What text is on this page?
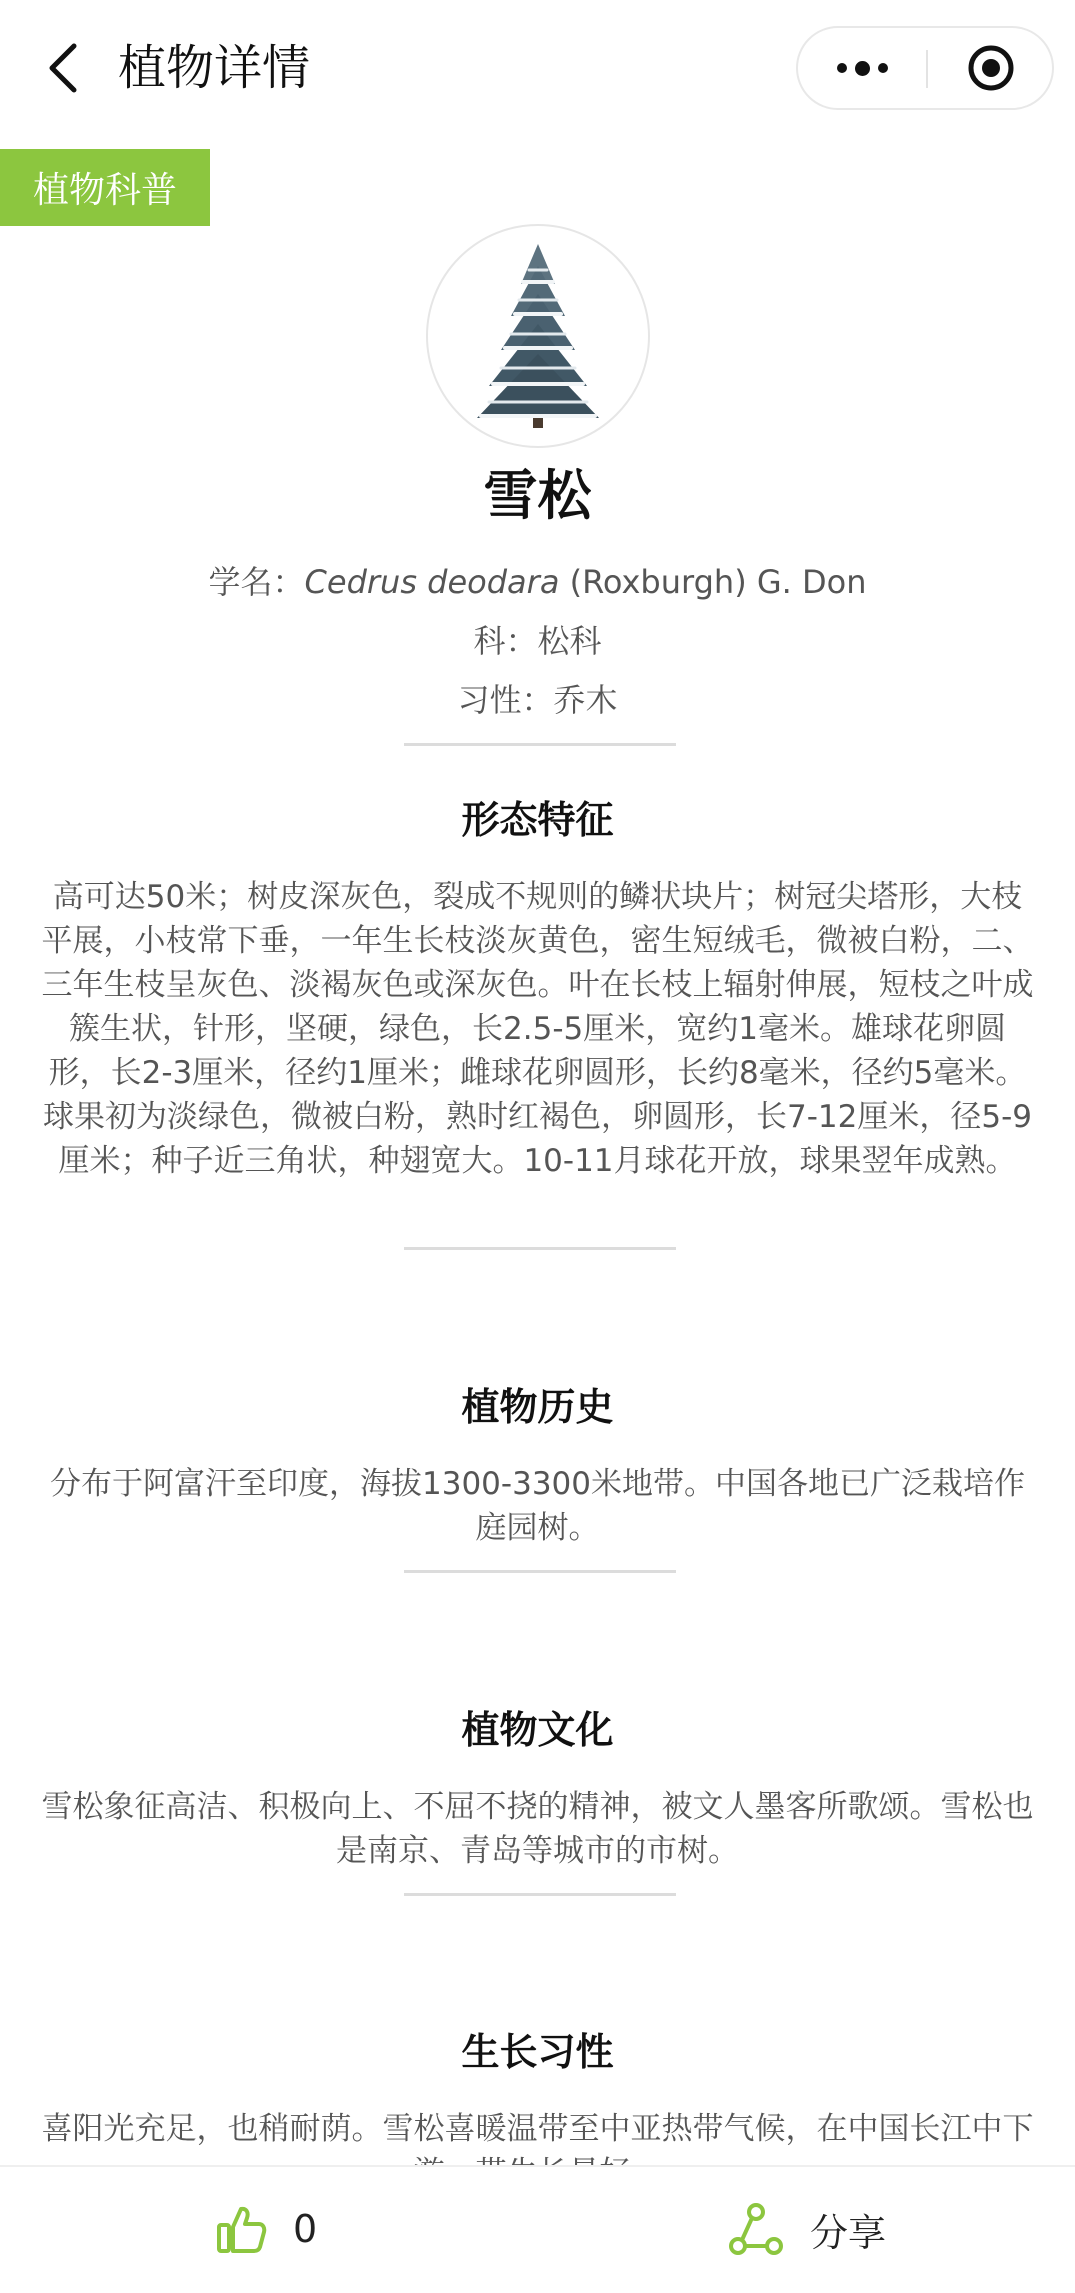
植物详情
雪松
学名：Cedrus deodara (Roxburgh) G. Don
科：松科
习性：乔木
形态特征
高可达50米；树皮深灰色，裂成不规则的鳞状块片；树冠尖塔形，大枝平展，小枝常下垂，一年生长枝淡灰黄色，密生短绒毛，微被白粉，二、三年生枝呈灰色、淡褐灰色或深灰色。叶在长枝上辐射伸展，短枝之叶成簇生状，针形，坚硬，绿色，长2.5-5厘米，宽约1毫米。雄球花卵圆形，长2-3厘米，径约1厘米；雌球花卵圆形，长约8毫米，径约5毫米。球果初为淡绿色，微被白粉，熟时红褐色，卵圆形，长7-12厘米，径5-9厘米；种子近三角状，种翅宽大。10-11月球花开放，球果翌年成熟。
植物历史
分布于阿富汗至印度，海拔1300-3300米地带。中国各地已广泛栽培作庭园树。
植物文化
雪松象征高洁、积极向上、不屈不挠的精神，被文人墨客所歌颂。雪松也是南京、青岛等城市的市树。
生长习性
喜阳光充足，也稍耐荫。雪松喜暖温带至中亚热带气候，在中国长江中下
植物科普
0	分享
